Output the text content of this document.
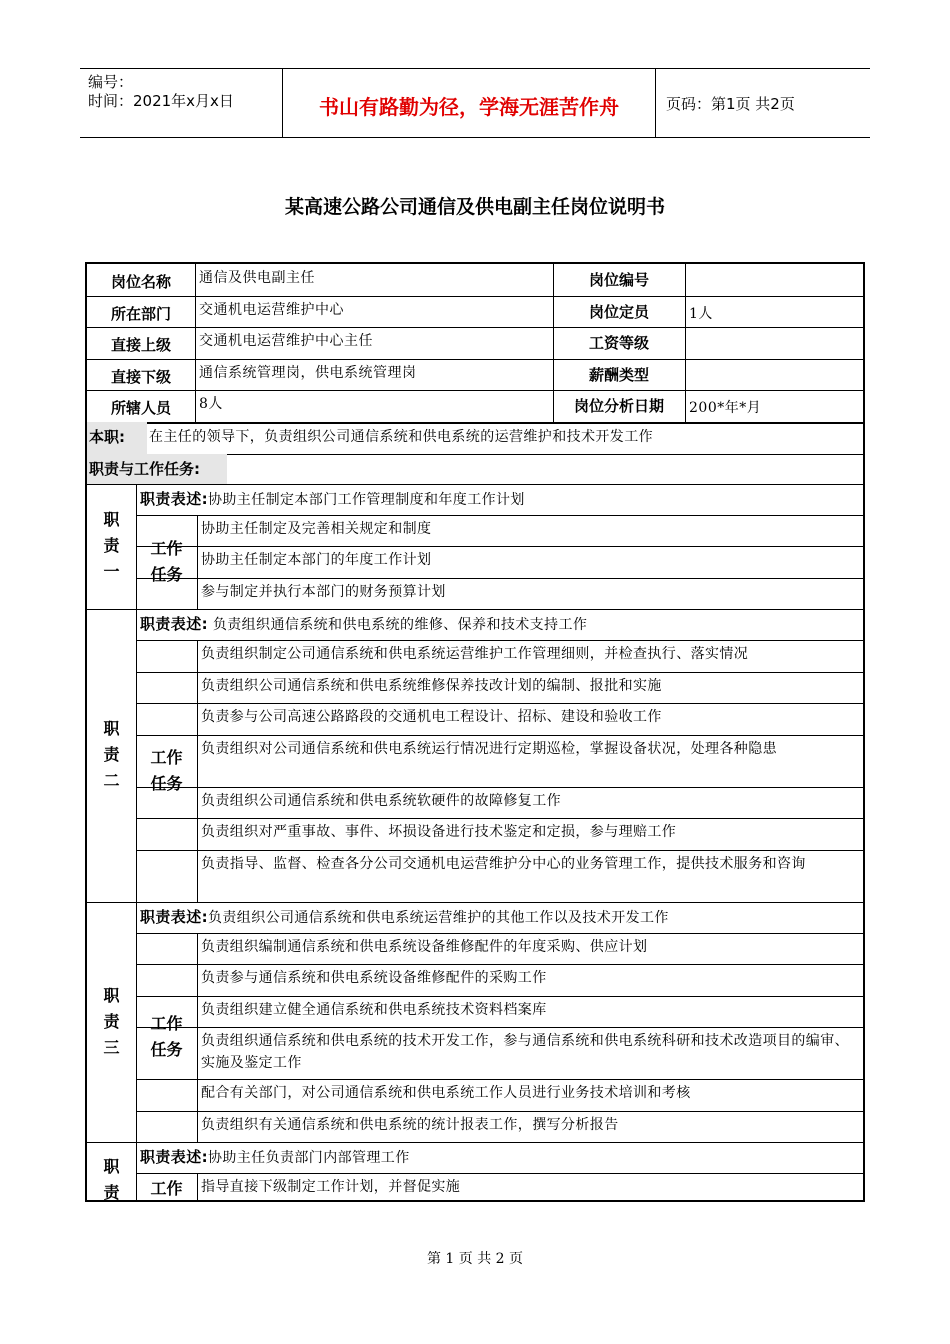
编号：
时间：2021年x月x日	书山有路勤为径，学海无涯苦作舟	页码：第1页 共2页
某高速公路公司通信及供电副主任岗位说明书
岗位名称	通信及供电副主任	岗位编号
所在部门	交通机电运营维护中心	岗位定员	1人
直接上级	交通机电运营维护中心主任	工资等级
直接下级	通信系统管理岗，供电系统管理岗	薪酬类型
所辖人员	8人	岗位分析日期	200*年*月
本职:	在主任的领导下，负责组织公司通信系统和供电系统的运营维护和技术开发工作
职责与工作任务:
职责表述:协助主任制定本部门工作管理制度和年度工作计划
协助主任制定及完善相关规定和制度
协助主任制定本部门的年度工作计划
参与制定并执行本部门的财务预算计划
工作
任务
职
责
一
职责表述: 负责组织通信系统和供电系统的维修、保养和技术支持工作
负责组织制定公司通信系统和供电系统运营维护工作管理细则，并检查执行、落实情况
负责组织公司通信系统和供电系统维修保养技改计划的编制、报批和实施
负责参与公司高速公路路段的交通机电工程设计、招标、建设和验收工作
负责组织对公司通信系统和供电系统运行情况进行定期巡检，掌握设备状况，处理各种隐患
负责组织公司通信系统和供电系统软硬件的故障修复工作
负责组织对严重事故、事件、坏损设备进行技术鉴定和定损，参与理赔工作
负责指导、监督、检查各分公司交通机电运营维护分中心的业务管理工作，提供技术服务和咨询
工作
任务
职
责
二
职责表述:负责组织公司通信系统和供电系统运营维护的其他工作以及技术开发工作
负责组织编制通信系统和供电系统设备维修配件的年度采购、供应计划
负责参与通信系统和供电系统设备维修配件的采购工作
负责组织建立健全通信系统和供电系统技术资料档案库
负责组织通信系统和供电系统的技术开发工作，参与通信系统和供电系统科研和技术改造项目的编审、实施及鉴定工作
配合有关部门，对公司通信系统和供电系统工作人员进行业务技术培训和考核
负责组织有关通信系统和供电系统的统计报表工作，撰写分析报告
工作
任务
职
责
三
职责表述:协助主任负责部门内部管理工作
指导直接下级制定工作计划，并督促实施
工作
职
责
第 1 页 共 2 页
